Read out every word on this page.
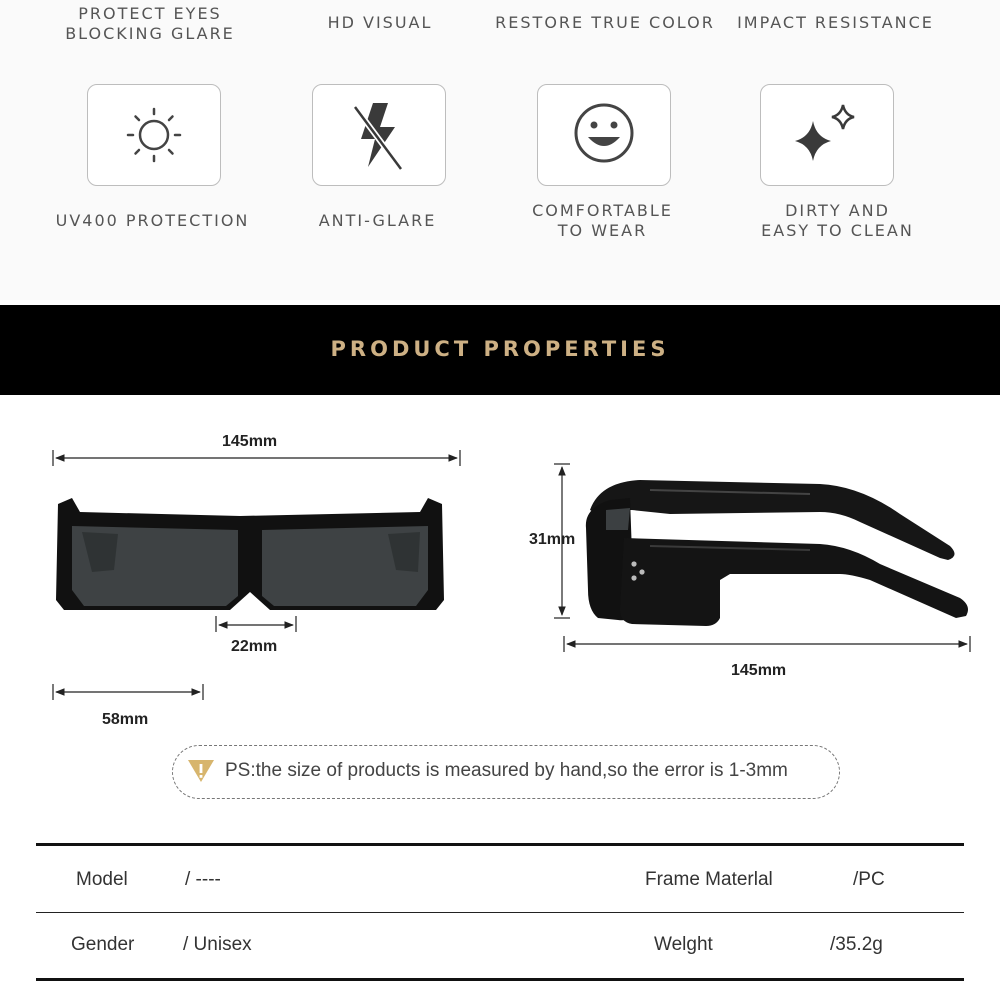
PROTECT EYES
BLOCKING GLARE
HD VISUAL	RESTORE TRUE COLOR	IMPACT RESISTANCE
UV400 PROTECTION	ANTI-GLARE
COMFORTABLE
TO WEAR
DIRTY AND
EASY TO CLEAN
PRODUCT PROPERTIES
145mm
22mm
58mm
31mm
145mm
PS:the size of products is measured by hand,so the error is 1-3mm
Model	/ ----	Frame Materlal	/PC
Gender	/ Unisex	Welght	/35.2g
